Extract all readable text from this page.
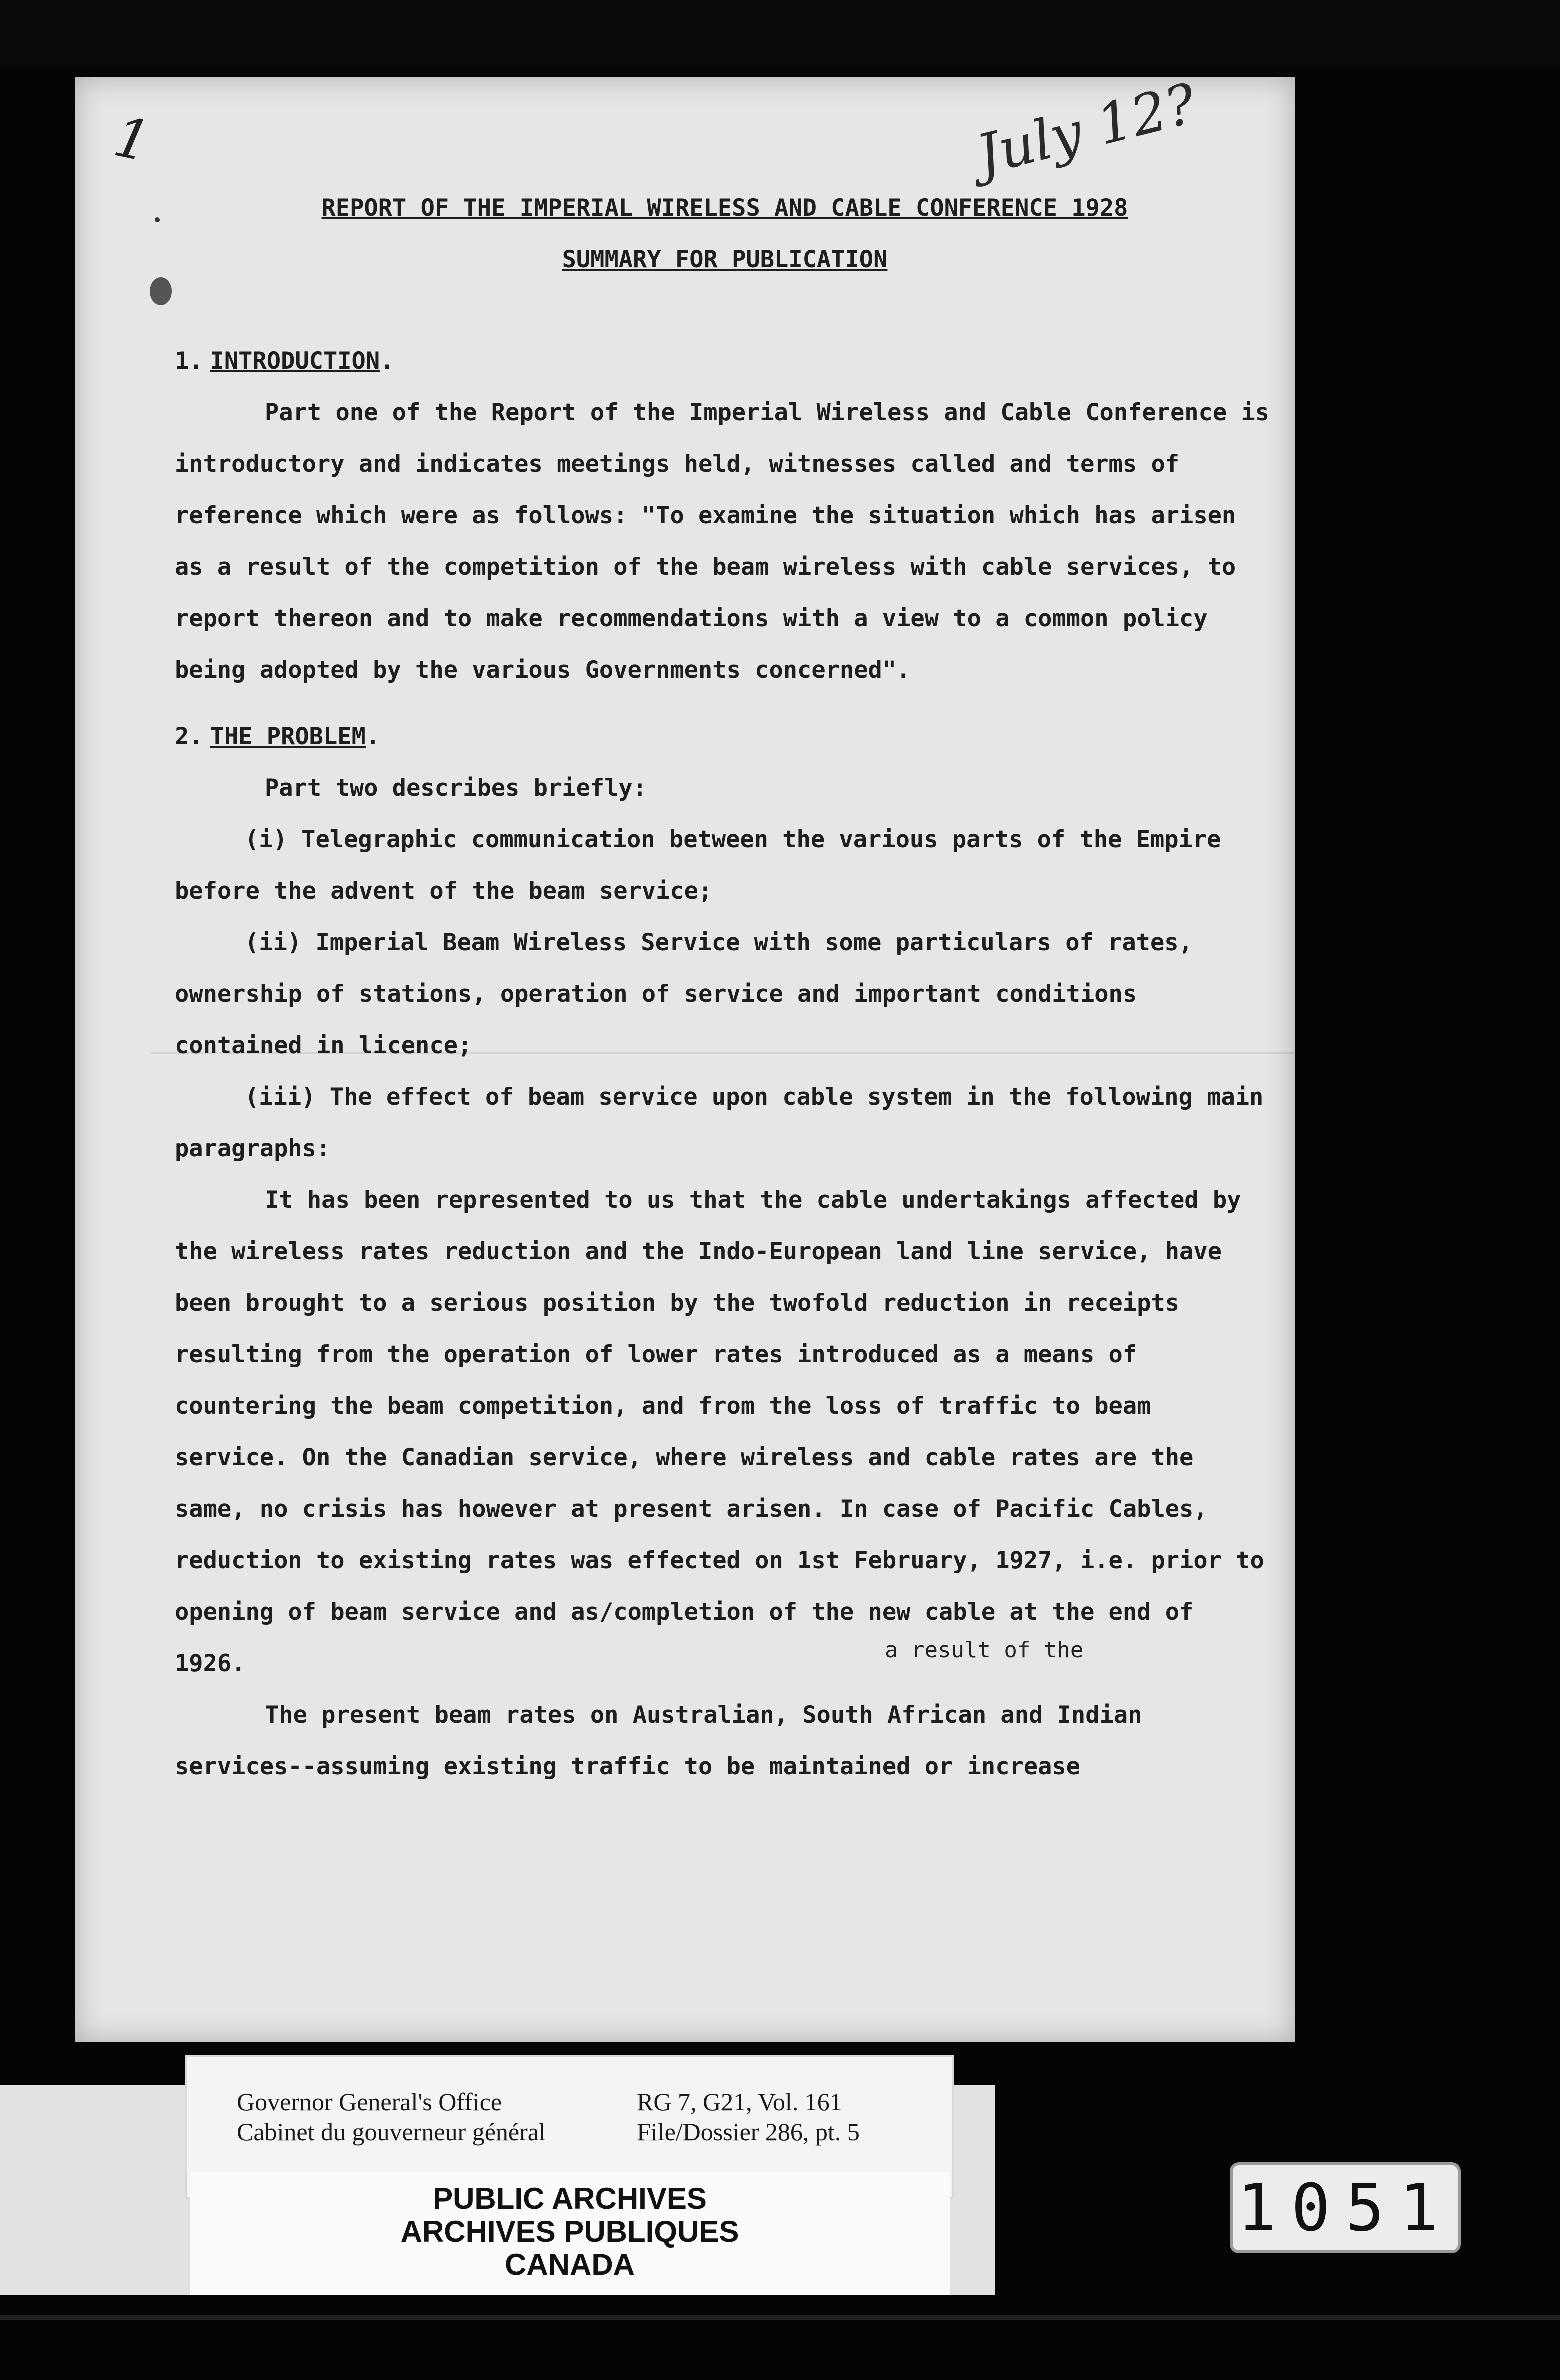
1	July 12?

REPORT OF THE IMPERIAL WIRELESS AND CABLE CONFERENCE 1928

SUMMARY FOR PUBLICATION

1. INTRODUCTION.

Part one of the Report of the Imperial Wireless and Cable Conference is introductory and indicates meetings held, witnesses called and terms of reference which were as follows: "To examine the situation which has arisen as a result of the competition of the beam wireless with cable services, to report thereon and to make recommendations with a view to a common policy being adopted by the various Governments concerned".

2. THE PROBLEM.

Part two describes briefly:

(i) Telegraphic communication between the various parts of the Empire before the advent of the beam service;

(ii) Imperial Beam Wireless Service with some particulars of rates, ownership of stations, operation of service and important conditions contained in licence;

(iii) The effect of beam service upon cable system in the following main paragraphs:

It has been represented to us that the cable undertakings affected by the wireless rates reduction and the Indo-European land line service, have been brought to a serious position by the twofold reduction in receipts resulting from the operation of lower rates introduced as a means of countering the beam competition, and from the loss of traffic to beam service. On the Canadian service, where wireless and cable rates are the same, no crisis has however at present arisen. In case of Pacific Cables, reduction to existing rates was effected on 1st February, 1927, i.e. prior to opening of beam service and as/completion of the new cable at the end of 1926.

The present beam rates on Australian, South African and Indian services--assuming existing traffic to be maintained or increase

a result of the
Governor General's Office
Cabinet du gouverneur général
RG 7, G21, Vol. 161
File/Dossier 286, pt. 5
PUBLIC ARCHIVES
ARCHIVES PUBLIQUES
CANADA
1051
